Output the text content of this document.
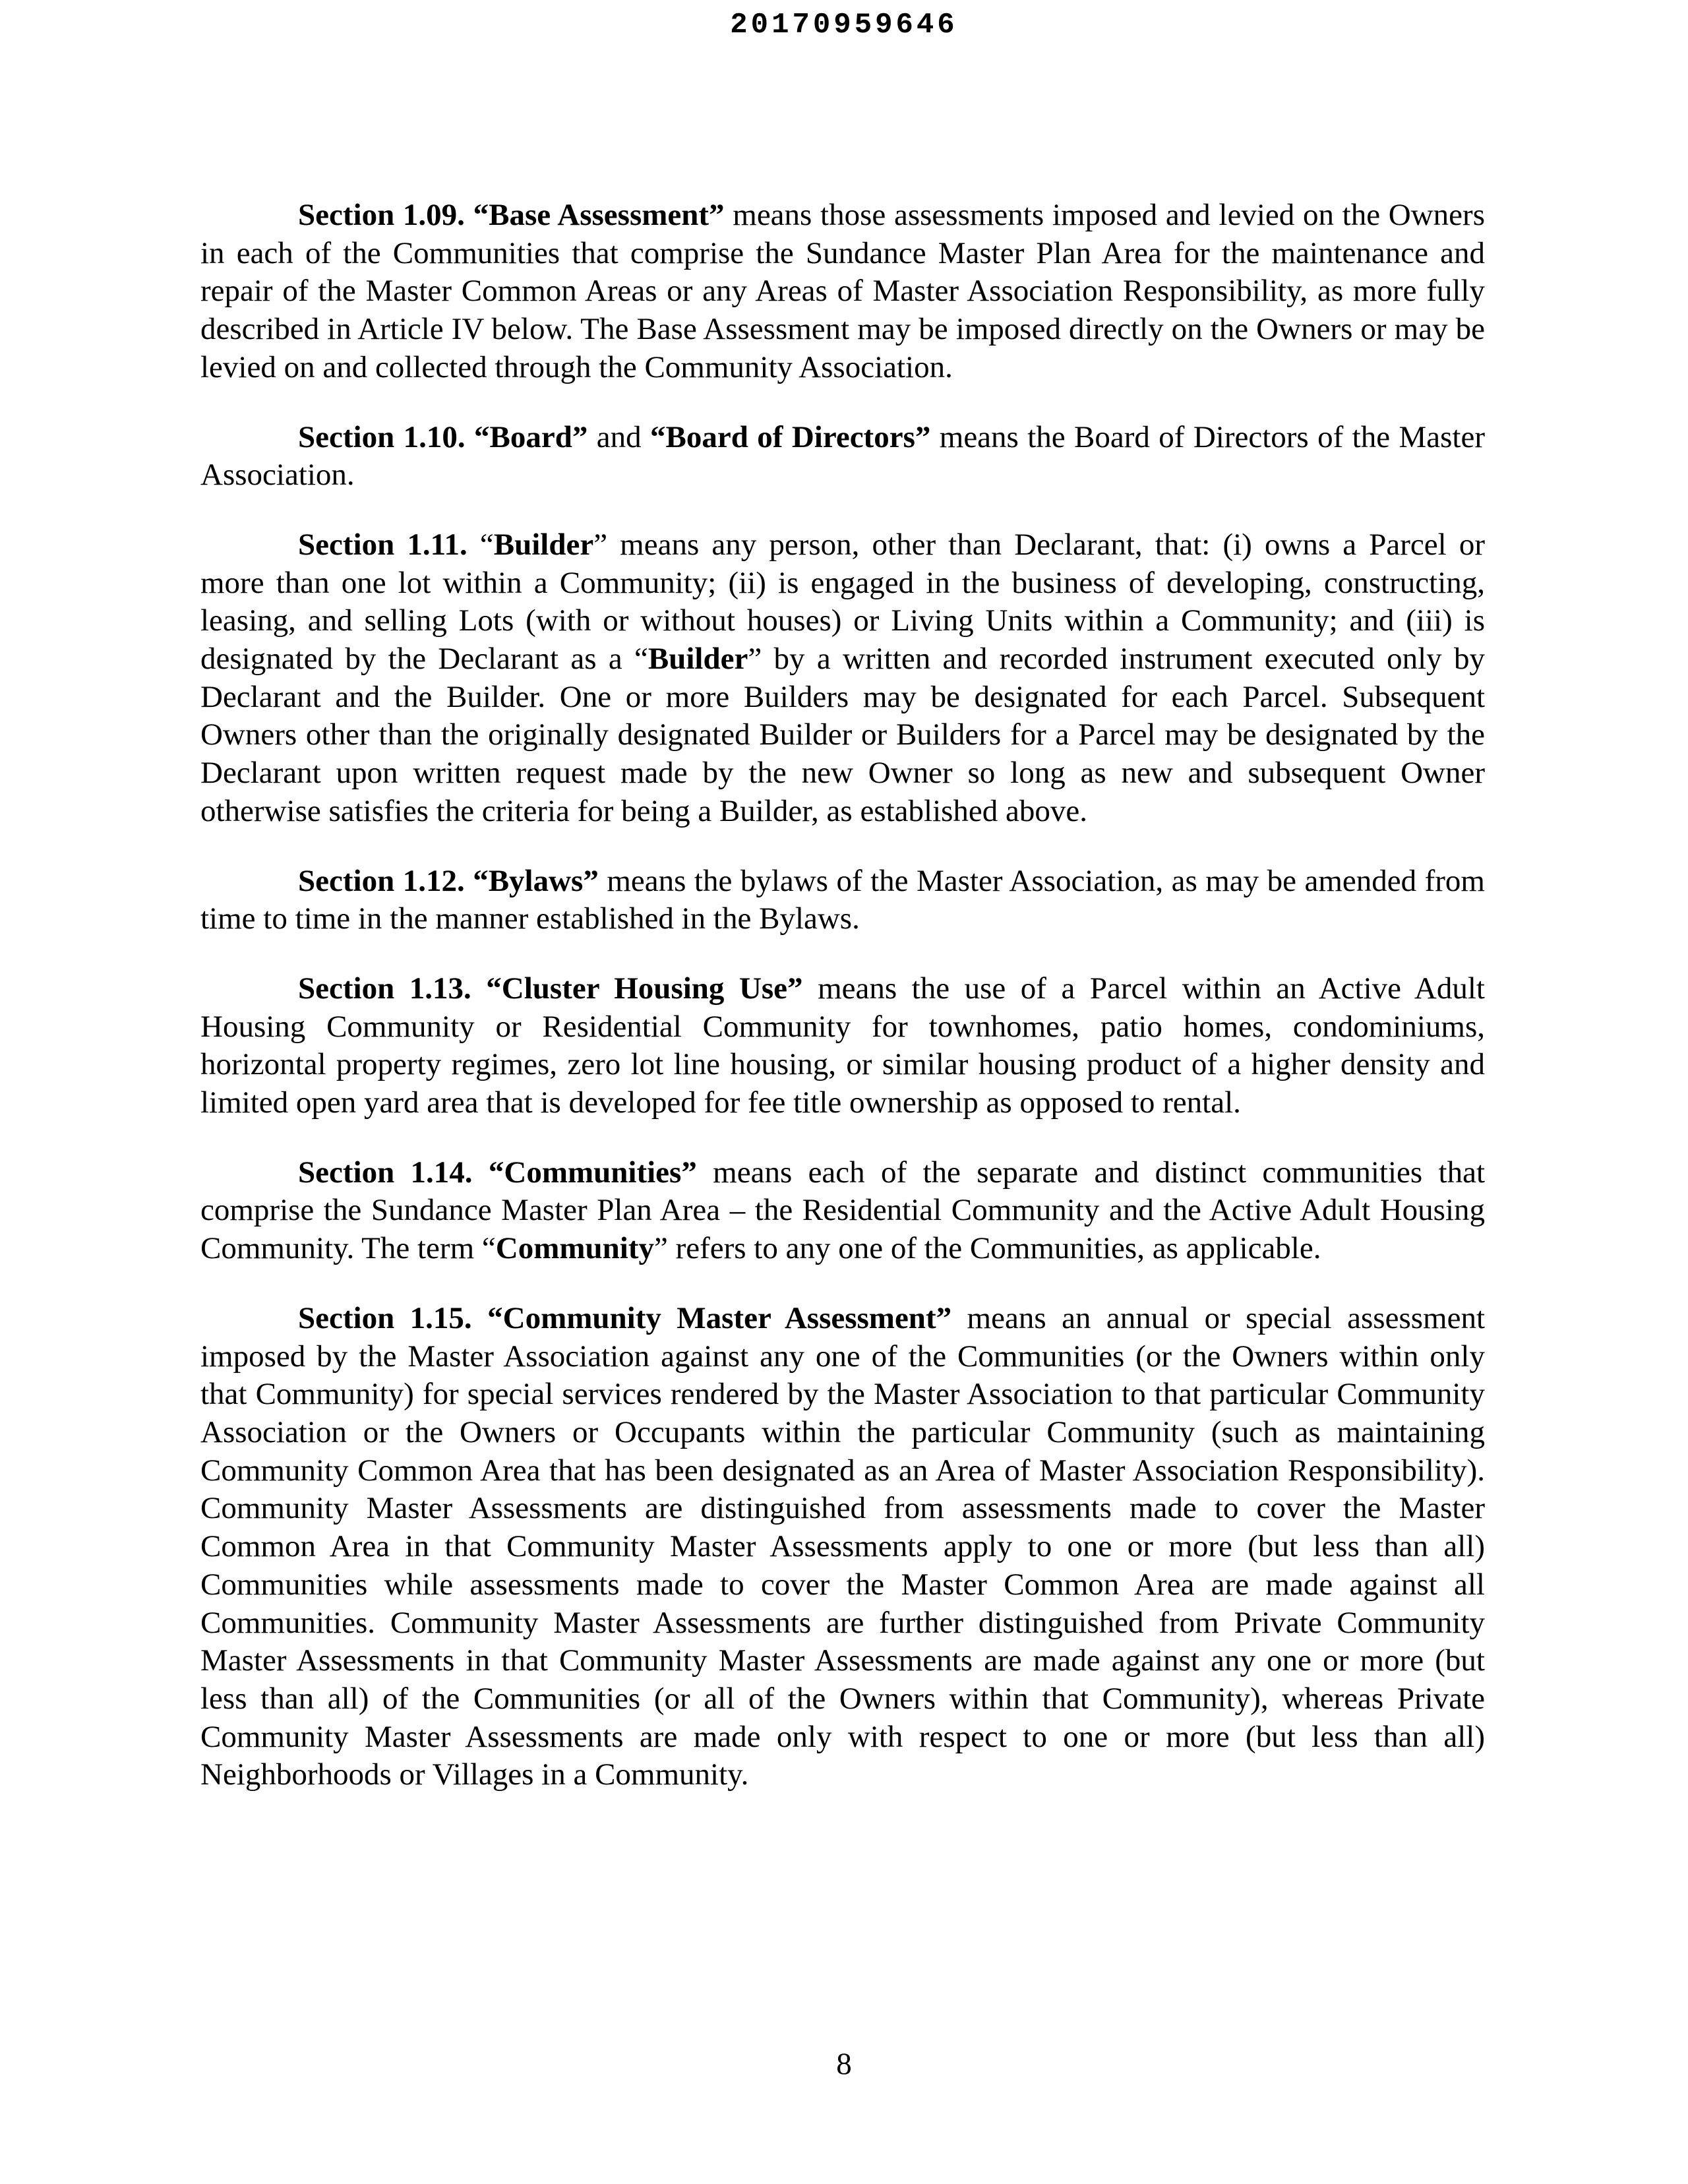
20170959646

Section 1.09. “Base Assessment” means those assessments imposed and levied on the Owners in each of the Communities that comprise the Sundance Master Plan Area for the maintenance and repair of the Master Common Areas or any Areas of Master Association Responsibility, as more fully described in Article IV below. The Base Assessment may be imposed directly on the Owners or may be levied on and collected through the Community Association.

Section 1.10. “Board” and “Board of Directors” means the Board of Directors of the Master Association.

Section 1.11. “Builder” means any person, other than Declarant, that: (i) owns a Parcel or more than one lot within a Community; (ii) is engaged in the business of developing, constructing, leasing, and selling Lots (with or without houses) or Living Units within a Community; and (iii) is designated by the Declarant as a “Builder” by a written and recorded instrument executed only by Declarant and the Builder. One or more Builders may be designated for each Parcel. Subsequent Owners other than the originally designated Builder or Builders for a Parcel may be designated by the Declarant upon written request made by the new Owner so long as new and subsequent Owner otherwise satisfies the criteria for being a Builder, as established above.

Section 1.12. “Bylaws” means the bylaws of the Master Association, as may be amended from time to time in the manner established in the Bylaws.

Section 1.13. “Cluster Housing Use” means the use of a Parcel within an Active Adult Housing Community or Residential Community for townhomes, patio homes, condominiums, horizontal property regimes, zero lot line housing, or similar housing product of a higher density and limited open yard area that is developed for fee title ownership as opposed to rental.

Section 1.14. “Communities” means each of the separate and distinct communities that comprise the Sundance Master Plan Area – the Residential Community and the Active Adult Housing Community. The term “Community” refers to any one of the Communities, as applicable.

Section 1.15. “Community Master Assessment” means an annual or special assessment imposed by the Master Association against any one of the Communities (or the Owners within only that Community) for special services rendered by the Master Association to that particular Community Association or the Owners or Occupants within the particular Community (such as maintaining Community Common Area that has been designated as an Area of Master Association Responsibility). Community Master Assessments are distinguished from assessments made to cover the Master Common Area in that Community Master Assessments apply to one or more (but less than all) Communities while assessments made to cover the Master Common Area are made against all Communities. Community Master Assessments are further distinguished from Private Community Master Assessments in that Community Master Assessments are made against any one or more (but less than all) of the Communities (or all of the Owners within that Community), whereas Private Community Master Assessments are made only with respect to one or more (but less than all) Neighborhoods or Villages in a Community.

8
